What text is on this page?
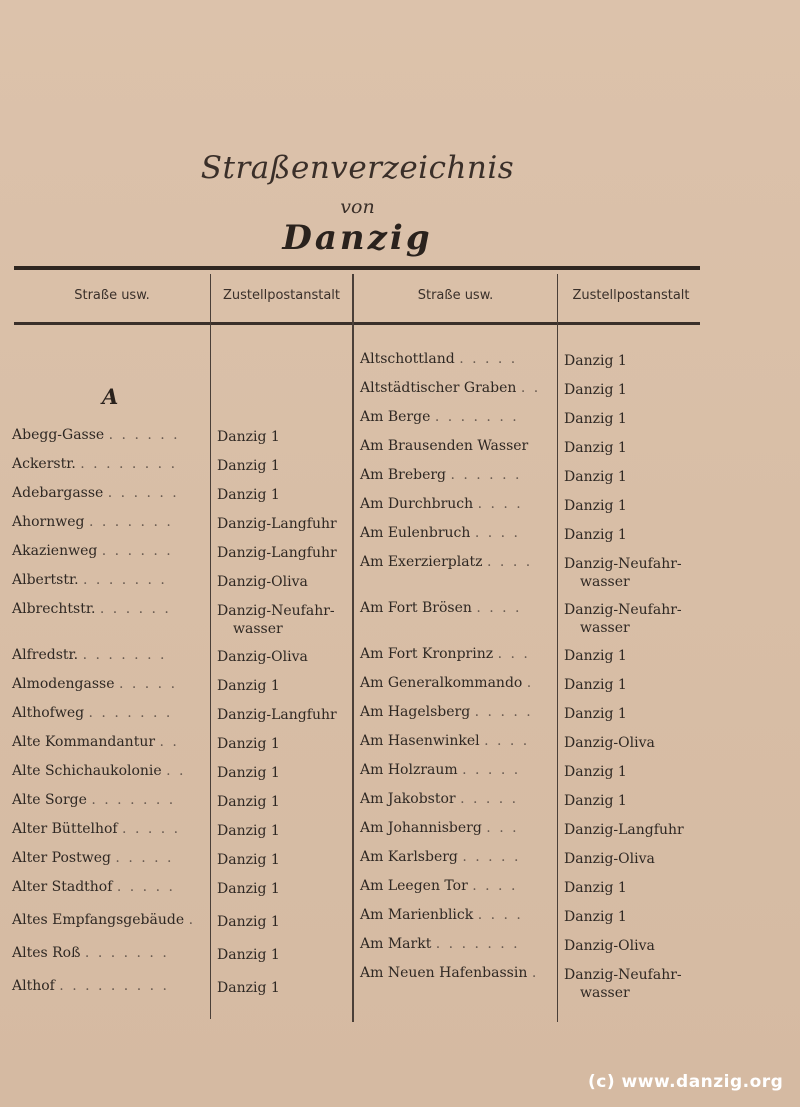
Straßenverzeichnis
von
Danzig
Straße usw.	Zustellpostanstalt	Straße usw.	Zustellpostanstalt
A
Abegg-Gasse . . . . . .	Danzig 1
Ackerstr. . . . . . . . .	Danzig 1
Adebargasse . . . . . .	Danzig 1
Ahornweg . . . . . . .	Danzig-Langfuhr
Akazienweg . . . . . .	Danzig-Langfuhr
Albertstr. . . . . . . .	Danzig-Oliva
Albrechtstr. . . . . . .	Danzig-Neufahr-
wasser
Alfredstr. . . . . . . .	Danzig-Oliva
Almodengasse . . . . .	Danzig 1
Althofweg . . . . . . .	Danzig-Langfuhr
Alte Kommandantur . .	Danzig 1
Alte Schichaukolonie . . Danzig 1
Alte Sorge . . . . . . .	Danzig 1
Alter Büttelhof . . . . .	Danzig 1
Alter Postweg . . . . .	Danzig 1
Alter Stadthof . . . . .	Danzig 1
Altes Empfangsgebäude . Danzig 1
Altes Roß . . . . . . .	Danzig 1
Althof . . . . . . . . .	Danzig 1
Altschottland . . . . .	Danzig 1
Altstädtischer Graben . . Danzig 1
Am Berge . . . . . . .	Danzig 1
Am Brausenden Wasser	Danzig 1
Am Breberg . . . . . .	Danzig 1
Am Durchbruch . . . .	Danzig 1
Am Eulenbruch . . . .	Danzig 1
Am Exerzierplatz . . . . Danzig-Neufahr-
wasser
Am Fort Brösen . . . .	Danzig-Neufahr-
wasser
Am Fort Kronprinz . . . Danzig 1
Am Generalkommando . Danzig 1
Am Hagelsberg . . . . . Danzig 1
Am Hasenwinkel . . . . Danzig-Oliva
Am Holzraum . . . . .	Danzig 1
Am Jakobstor . . . . .	Danzig 1
Am Johannisberg . . .	Danzig-Langfuhr
Am Karlsberg . . . . .	Danzig-Oliva
Am Leegen Tor . . . .	Danzig 1
Am Marienblick . . . .	Danzig 1
Am Markt . . . . . . .	Danzig-Oliva
Am Neuen Hafenbassin . Danzig-Neufahr-
wasser
(c) www.danzig.org
